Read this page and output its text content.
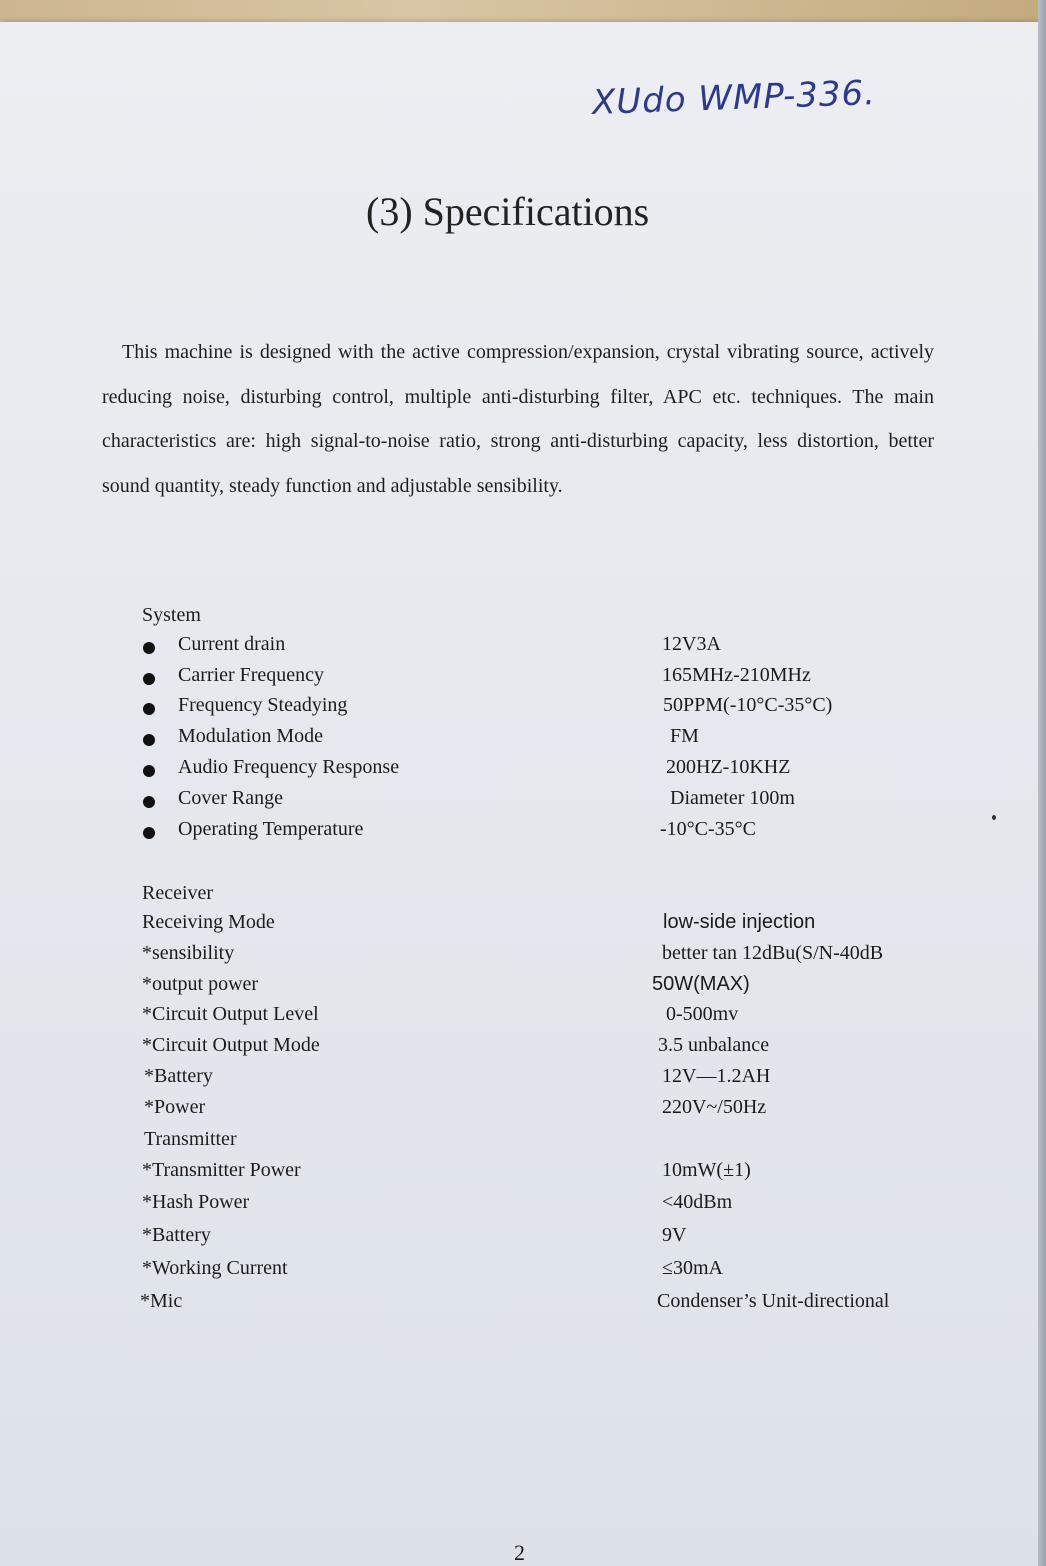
XUdo WMP-336.
(3) Specifications

This machine is designed with the active compression/expansion, crystal vibrating source, actively reducing noise, disturbing control, multiple anti-disturbing filter, APC etc. techniques. The main characteristics are: high signal-to-noise ratio, strong anti-disturbing capacity, less distortion, better sound quantity, steady function and adjustable sensibility.

System
Current drain	12V3A
Carrier Frequency	165MHz-210MHz
Frequency Steadying	50PPM(-10°C-35°C)
Modulation Mode	FM
Audio Frequency Response	200HZ-10KHZ
Cover Range	Diameter 100m
Operating Temperature	-10°C-35°C
Receiver
Receiving Mode	low-side injection
*sensibility	better tan 12dBu(S/N-40dB
*output power	50W(MAX)
*Circuit Output Level	0-500mv
*Circuit Output Mode	3.5 unbalance
*Battery	12V—1.2AH
*Power	220V~/50Hz
Transmitter
*Transmitter Power	10mW(±1)
*Hash Power	<40dBm
*Battery	9V
*Working Current	≤30mA
*Mic	Condenser’s Unit-directional
2
